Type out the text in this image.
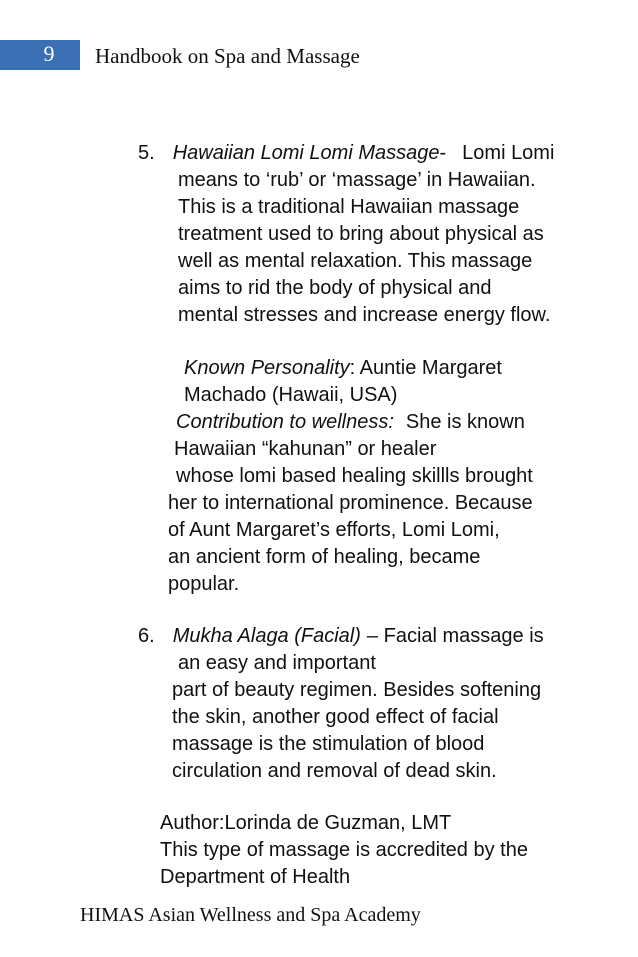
9	Handbook on Spa and Massage
5. Hawaiian Lomi Lomi Massage- Lomi Lomi
means to ‘rub’ or ‘massage’ in Hawaiian.
This is a traditional Hawaiian massage
treatment used to bring about physical as
well as mental relaxation. This massage
aims to rid the body of physical and
mental stresses and increase energy flow.
Known Personality: Auntie Margaret
Machado (Hawaii, USA)
Contribution to wellness: She is known
Hawaiian “kahunan” or healer
whose lomi based healing skillls brought
her to international prominence. Because
of Aunt Margaret’s efforts, Lomi Lomi,
an ancient form of healing, became
popular.
6. Mukha Alaga (Facial) – Facial massage is
an easy and important
part of beauty regimen. Besides softening
the skin, another good effect of facial
massage is the stimulation of blood
circulation and removal of dead skin.
Author:Lorinda de Guzman, LMT
This type of massage is accredited by the
Department of Health
HIMAS Asian Wellness and Spa Academy
